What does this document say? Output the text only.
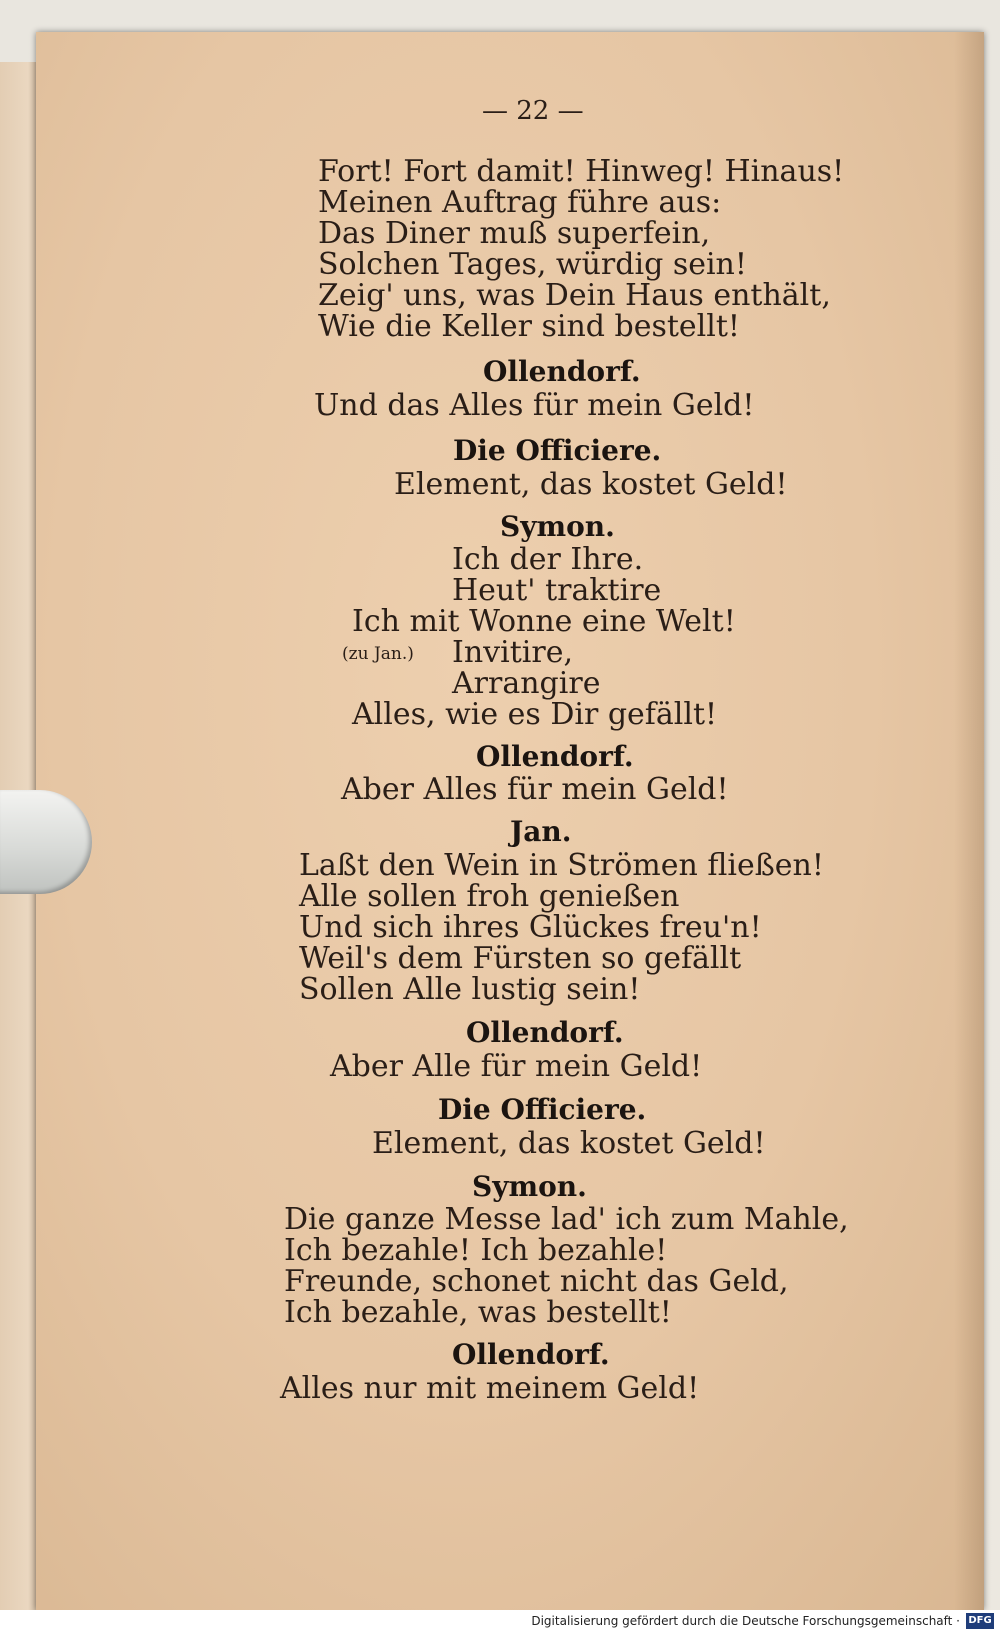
— 22 —
Fort! Fort damit! Hinweg! Hinaus!
Meinen Auftrag führe aus:
Das Diner muß superfein,
Solchen Tages, würdig sein!
Zeig' uns, was Dein Haus enthält,
Wie die Keller sind bestellt!
Ollendorf.
Und das Alles für mein Geld!
Die Officiere.
Element, das kostet Geld!
Symon.
Ich der Ihre.
Heut' traktire
Ich mit Wonne eine Welt!
(zu Jan.) Invitire,
Arrangire
Alles, wie es Dir gefällt!
Ollendorf.
Aber Alles für mein Geld!
Jan.
Laßt den Wein in Strömen fließen!
Alle sollen froh genießen
Und sich ihres Glückes freu'n!
Weil's dem Fürsten so gefällt
Sollen Alle lustig sein!
Ollendorf.
Aber Alle für mein Geld!
Die Officiere.
Element, das kostet Geld!
Symon.
Die ganze Messe lad' ich zum Mahle,
Ich bezahle! Ich bezahle!
Freunde, schonet nicht das Geld,
Ich bezahle, was bestellt!
Ollendorf.
Alles nur mit meinem Geld!
Digitalisierung gefördert durch die Deutsche Forschungsgemeinschaft · DFG
